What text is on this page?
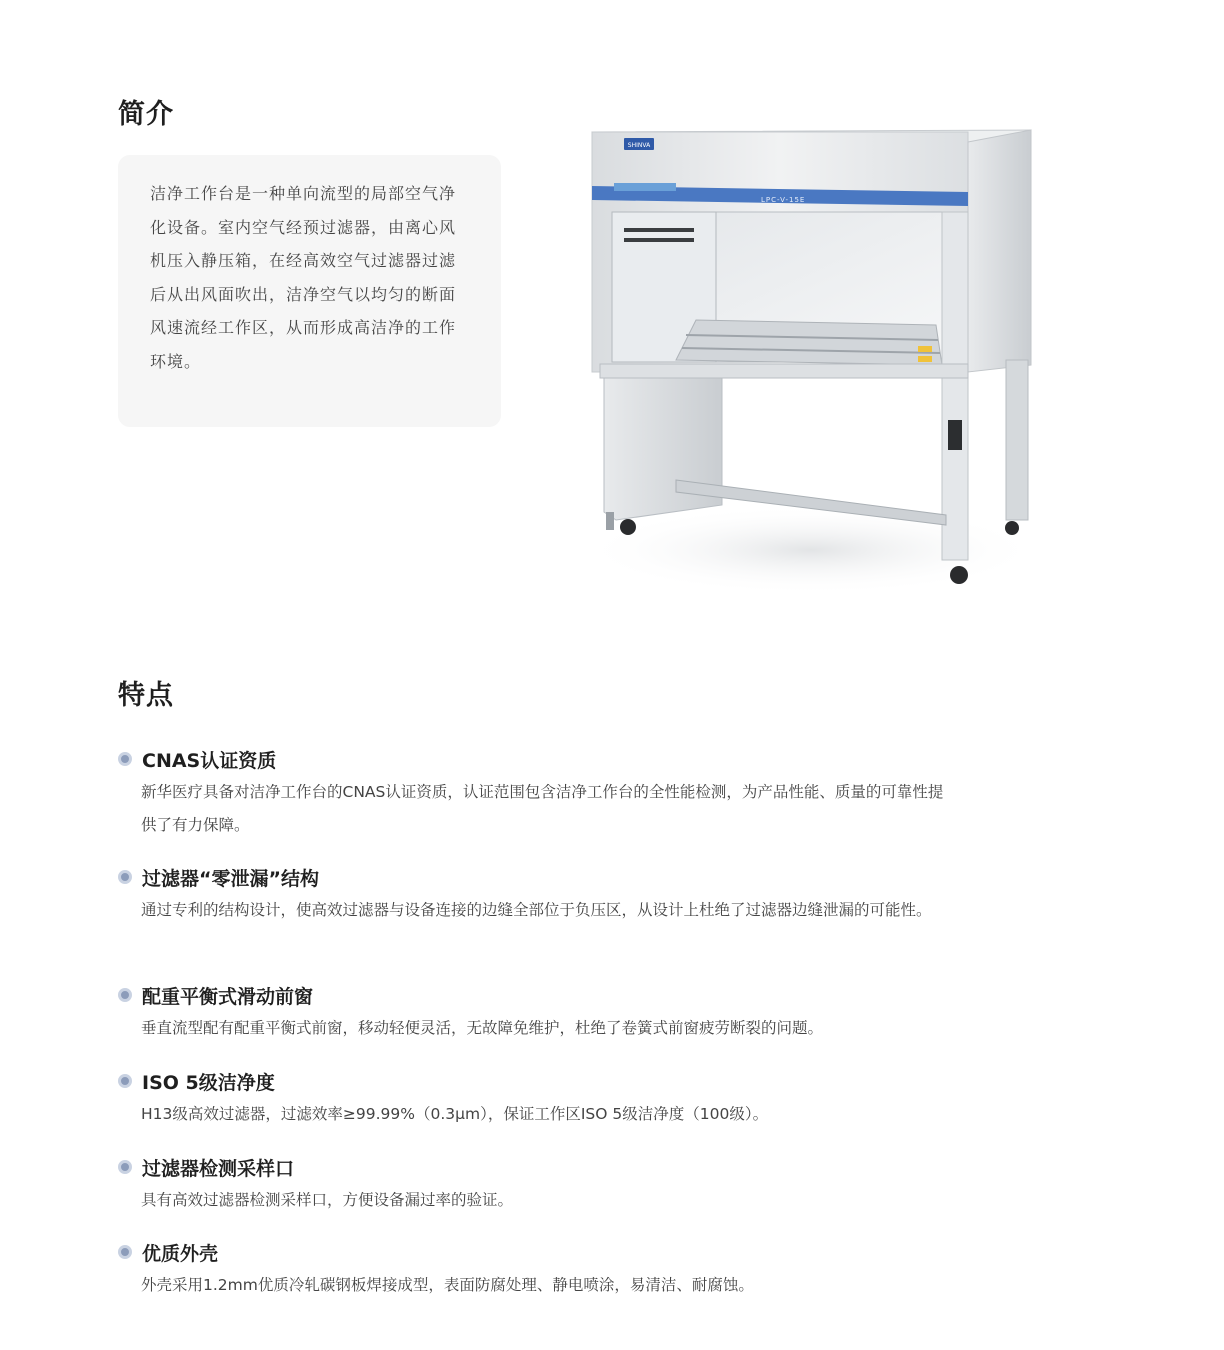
简介

洁净工作台是一种单向流型的局部空气净化设备。室内空气经预过滤器，由离心风机压入静压箱，在经高效空气过滤器过滤后从出风面吹出，洁净空气以均匀的断面风速流经工作区，从而形成高洁净的工作环境。

SHINVA
LPC-V-15E
特点
CNAS认证资质

新华医疗具备对洁净工作台的CNAS认证资质，认证范围包含洁净工作台的全性能检测，为产品性能、质量的可靠性提供了有力保障。

过滤器“零泄漏”结构

通过专利的结构设计，使高效过滤器与设备连接的边缝全部位于负压区，从设计上杜绝了过滤器边缝泄漏的可能性。

配重平衡式滑动前窗

垂直流型配有配重平衡式前窗，移动轻便灵活，无故障免维护，杜绝了卷簧式前窗疲劳断裂的问题。

ISO 5级洁净度

H13级高效过滤器，过滤效率≥99.99%（0.3μm），保证工作区ISO 5级洁净度（100级）。

过滤器检测采样口

具有高效过滤器检测采样口，方便设备漏过率的验证。

优质外壳

外壳采用1.2mm优质冷轧碳钢板焊接成型，表面防腐处理、静电喷涂，易清洁、耐腐蚀。
